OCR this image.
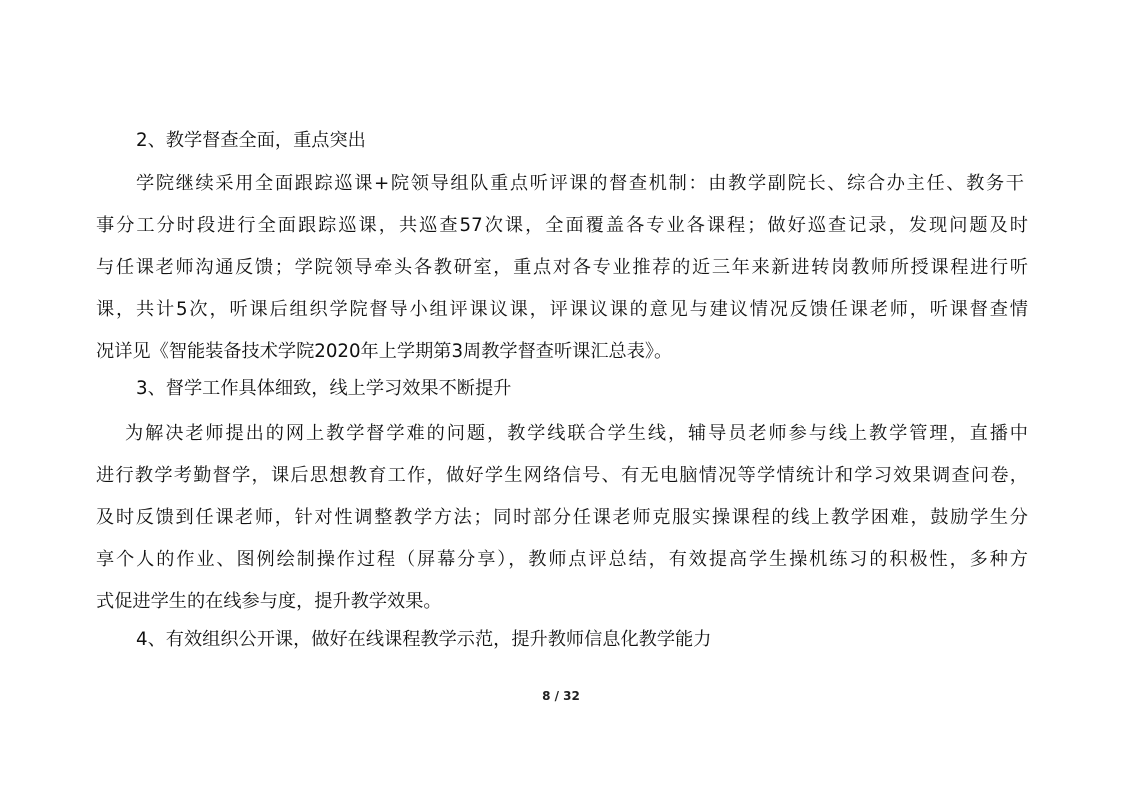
2、教学督查全面，重点突出
学院继续采用全面跟踪巡课+院领导组队重点听评课的督查机制：由教学副院长、综合办主任、教务干
事分工分时段进行全面跟踪巡课，共巡查57次课，全面覆盖各专业各课程；做好巡查记录，发现问题及时
与任课老师沟通反馈；学院领导牵头各教研室，重点对各专业推荐的近三年来新进转岗教师所授课程进行听
课，共计5次，听课后组织学院督导小组评课议课，评课议课的意见与建议情况反馈任课老师，听课督查情
况详见《智能装备技术学院2020年上学期第3周教学督查听课汇总表》。
3、督学工作具体细致，线上学习效果不断提升
为解决老师提出的网上教学督学难的问题，教学线联合学生线，辅导员老师参与线上教学管理，直播中
进行教学考勤督学，课后思想教育工作，做好学生网络信号、有无电脑情况等学情统计和学习效果调查问卷，
及时反馈到任课老师，针对性调整教学方法；同时部分任课老师克服实操课程的线上教学困难，鼓励学生分
享个人的作业、图例绘制操作过程（屏幕分享），教师点评总结，有效提高学生操机练习的积极性，多种方
式促进学生的在线参与度，提升教学效果。
4、有效组织公开课，做好在线课程教学示范，提升教师信息化教学能力
8 / 32
